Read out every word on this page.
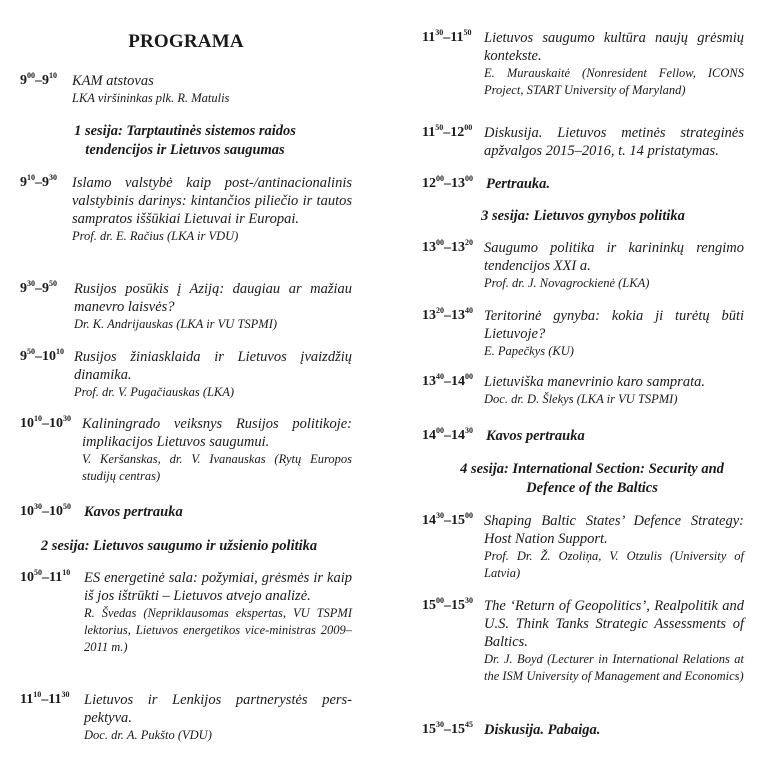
PROGRAMA
$9^{00}-9^{10}$ KAM atstovas
LKA viršininkas plk. R. Matulis
1 sesija: Tarptautinės sistemos raidos tendencijos ir Lietuvos saugumas
$9^{10}-9^{30}$ Islamo valstybė kaip post-/antinacionalinis valstybinis darinys: kintančios piliečio ir tautos sampratos iššūkiai Lietuvai ir Europai.
Prof. dr. E. Račius (LKA ir VDU)
$9^{30}-9^{50}$ Rusijos posūkis į Aziją: daugiau ar mažiau manevro laisvės?
Dr. K. Andrijauskas (LKA ir VU TSPMI)
$9^{50}-10^{10}$ Rusijos žiniasklaida ir Lietuvos įvaizdžių dinamika.
Prof. dr. V. Pugačiauskas (LKA)
$10^{10}-10^{30}$ Kaliningrado veiksnys Rusijos politikoje: implikacijos Lietuvos saugumui.
V. Keršanskas, dr. V. Ivanauskas (Rytų Europos studijų centras)
$10^{30}-10^{50}$ Kavos pertrauka
2 sesija: Lietuvos saugumo ir užsienio politika
$10^{50}-11^{10}$ ES energetinė sala: požymiai, grėsmės ir kaip iš jos ištrūkti – Lietuvos atvejo analizė.
R. Švedas (Nepriklausomas ekspertas, VU TSPMI lektorius, Lietuvos energetikos vice-ministras 2009–2011 m.)
$11^{10}-11^{30}$ Lietuvos ir Lenkijos partnerystės pers-pektyva.
Doc. dr. A. Pukšto (VDU)
$11^{30}-11^{50}$ Lietuvos saugumo kultūra naujų grėsmių kontekste.
E. Murauskaitė (Nonresident Fellow, ICONS Project, START University of Maryland)
$11^{50}-12^{00}$ Diskusija. Lietuvos metinės strateginės apžvalgos 2015–2016, t. 14 pristatymas.
$12^{00}-13^{00}$ Pertrauka.
3 sesija: Lietuvos gynybos politika
$13^{00}-13^{20}$ Saugumo politika ir karininkų rengimo tendencijos XXI a.
Prof. dr. J. Novagrockienė (LKA)
$13^{20}-13^{40}$ Teritorinė gynyba: kokia ji turėtų būti Lietuvoje?
E. Papečkys (KU)
$13^{40}-14^{00}$ Lietuviška manevrinio karo samprata.
Doc. dr. D. Šlekys (LKA ir VU TSPMI)
$14^{00}-14^{30}$ Kavos pertrauka
4 sesija: International Section: Security and Defence of the Baltics
$14^{30}-15^{00}$ Shaping Baltic States’ Defence Strategy: Host Nation Support.
Prof. Dr. Ž. Ozoliņa, V. Otzulis (University of Latvia)
$15^{00}-15^{30}$ The ‘Return of Geopolitics’, Realpolitik and U.S. Think Tanks Strategic Assessments of Baltics.
Dr. J. Boyd (Lecturer in International Relations at the ISM University of Management and Economics)
$15^{30}-15^{45}$ Diskusija. Pabaiga.
